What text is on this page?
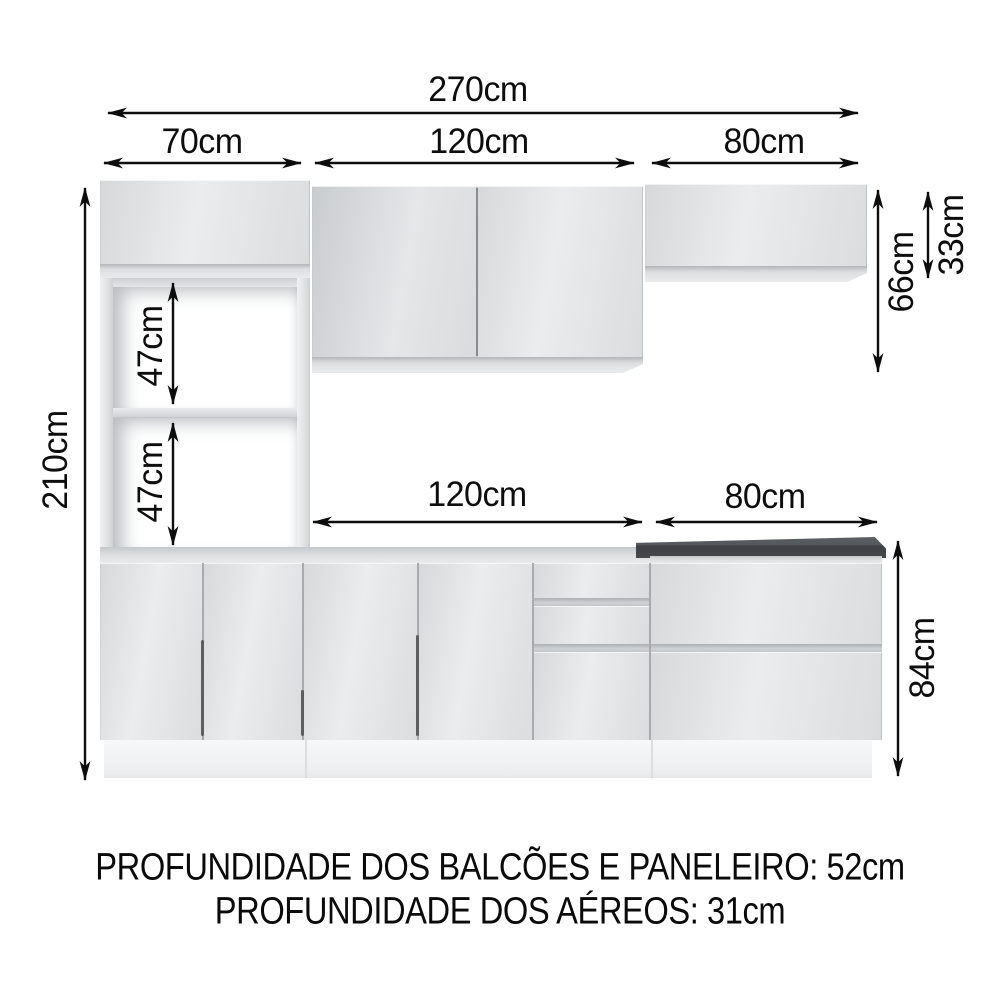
270cm
70cm	120cm	80cm
210cm
47cm
47cm	120cm	80cm
66cm 33cm
84cm
PROFUNDIDADE DOS BALCÕES E PANELEIRO: 52cm
PROFUNDIDADE DOS AÉREOS: 31cm
